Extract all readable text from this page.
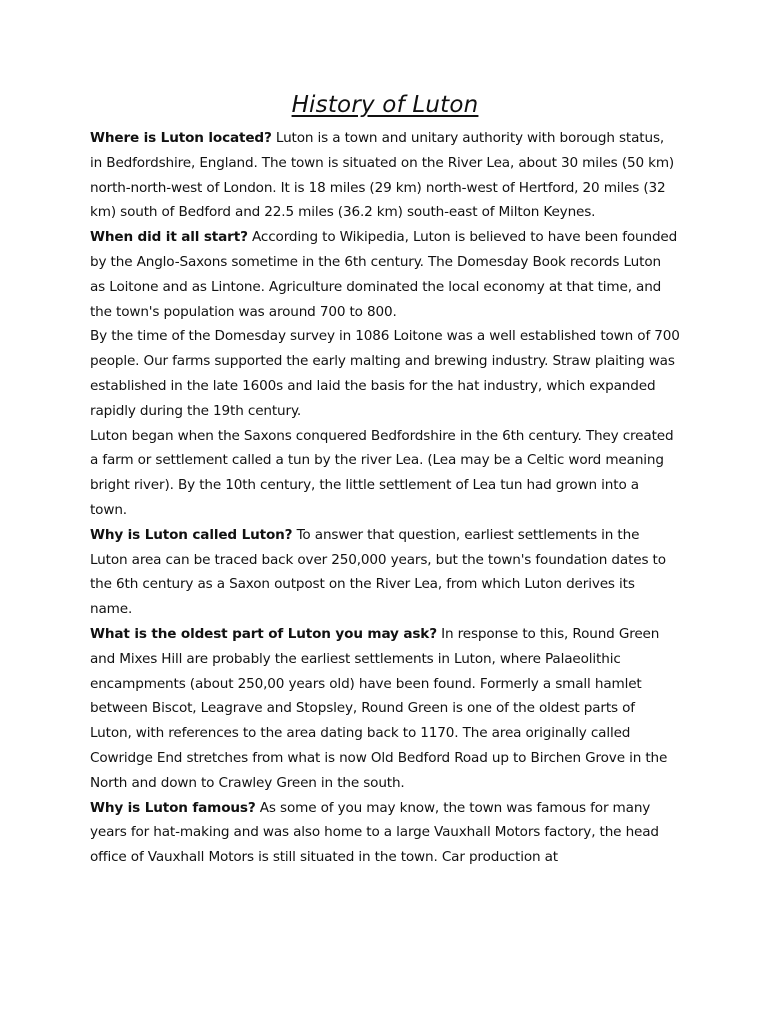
History of Luton

Where is Luton located? Luton is a town and unitary authority with borough status, in Bedfordshire, England. The town is situated on the River Lea, about 30 miles (50 km) north-north-west of London. It is 18 miles (29 km) north-west of Hertford, 20 miles (32 km) south of Bedford and 22.5 miles (36.2 km) south-east of Milton Keynes.

When did it all start? According to Wikipedia, Luton is believed to have been founded by the Anglo-Saxons sometime in the 6th century. The Domesday Book records Luton as Loitone and as Lintone. Agriculture dominated the local economy at that time, and the town's population was around 700 to 800.

By the time of the Domesday survey in 1086 Loitone was a well established town of 700 people. Our farms supported the early malting and brewing industry. Straw plaiting was established in the late 1600s and laid the basis for the hat industry, which expanded rapidly during the 19th century.

Luton began when the Saxons conquered Bedfordshire in the 6th century. They created a farm or settlement called a tun by the river Lea. (Lea may be a Celtic word meaning bright river). By the 10th century, the little settlement of Lea tun had grown into a town.

Why is Luton called Luton? To answer that question, earliest settlements in the Luton area can be traced back over 250,000 years, but the town's foundation dates to the 6th century as a Saxon outpost on the River Lea, from which Luton derives its name.

What is the oldest part of Luton you may ask? In response to this, Round Green and Mixes Hill are probably the earliest settlements in Luton, where Palaeolithic encampments (about 250,00 years old) have been found. Formerly a small hamlet between Biscot, Leagrave and Stopsley, Round Green is one of the oldest parts of Luton, with references to the area dating back to 1170. The area originally called Cowridge End stretches from what is now Old Bedford Road up to Birchen Grove in the North and down to Crawley Green in the south.

Why is Luton famous? As some of you may know, the town was famous for many years for hat-making and was also home to a large Vauxhall Motors factory, the head office of Vauxhall Motors is still situated in the town. Car production at
